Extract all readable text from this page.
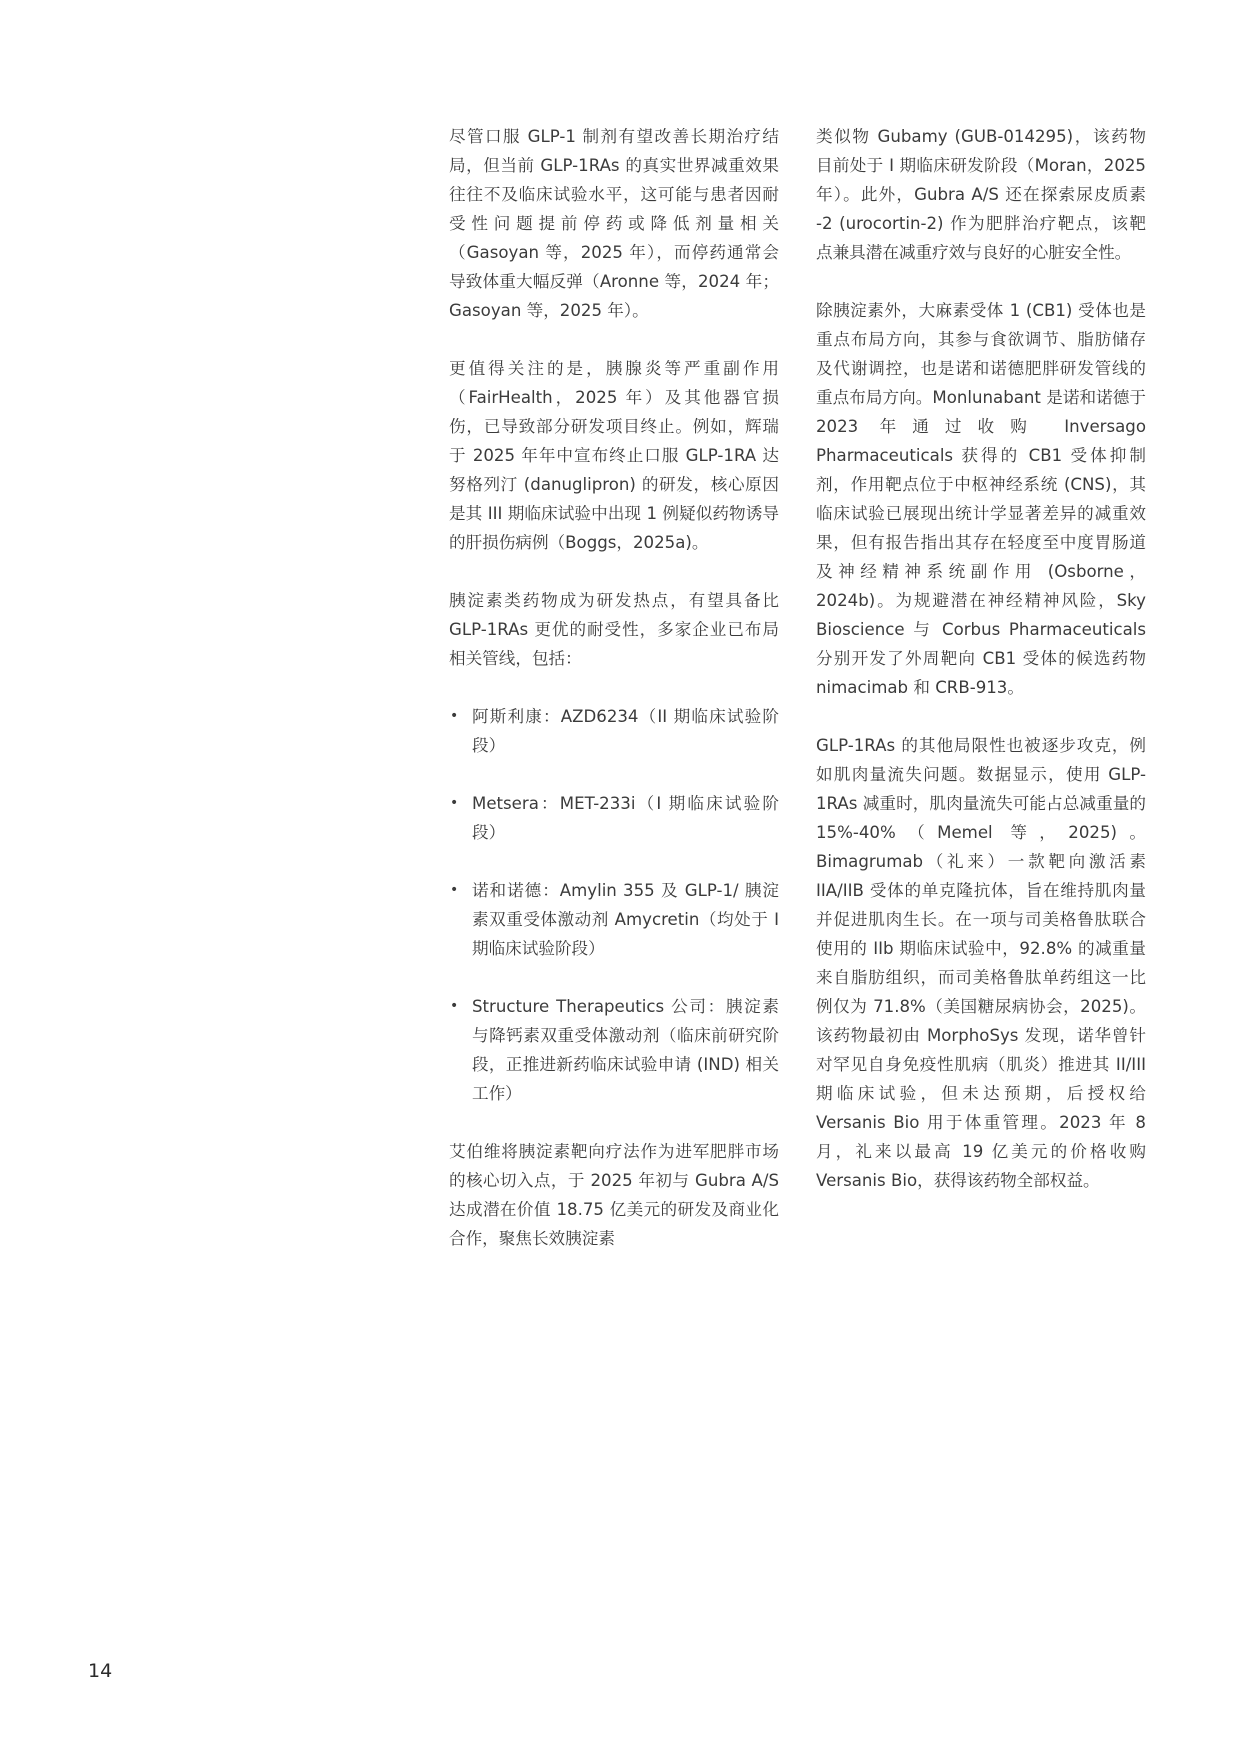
尽管口服 GLP-1 制剂有望改善长期治疗结局，但当前 GLP-1RAs 的真实世界减重效果往往不及临床试验水平，这可能与患者因耐受性问题提前停药或降低剂量相关（Gasoyan 等，2025 年），而停药通常会导致体重大幅反弹（Aronne 等，2024 年；Gasoyan 等，2025 年）。

更值得关注的是，胰腺炎等严重副作用（FairHealth，2025 年）及其他器官损伤，已导致部分研发项目终止。例如，辉瑞于 2025 年年中宣布终止口服 GLP-1RA 达努格列汀 (danuglipron) 的研发，核心原因是其 III 期临床试验中出现 1 例疑似药物诱导的肝损伤病例（Boggs，2025a)。

胰淀素类药物成为研发热点，有望具备比 GLP-1RAs 更优的耐受性，多家企业已布局相关管线，包括：

• 阿斯利康：AZD6234（II 期临床试验阶段）
• Metsera：MET-233i（I 期临床试验阶段）
• 诺和诺德：Amylin 355 及 GLP-1/ 胰淀素双重受体激动剂 Amycretin（均处于 I 期临床试验阶段）
• Structure Therapeutics 公司：胰淀素与降钙素双重受体激动剂（临床前研究阶段，正推进新药临床试验申请 (IND) 相关工作）

艾伯维将胰淀素靶向疗法作为进军肥胖市场的核心切入点，于 2025 年初与 Gubra A/S 达成潜在价值 18.75 亿美元的研发及商业化合作，聚焦长效胰淀素

类似物 Gubamy (GUB-014295)，该药物目前处于 I 期临床研发阶段（Moran，2025 年）。此外，Gubra A/S 还在探索尿皮质素 -2 (urocortin-2) 作为肥胖治疗靶点，该靶点兼具潜在减重疗效与良好的心脏安全性。

除胰淀素外，大麻素受体 1 (CB1) 受体也是重点布局方向，其参与食欲调节、脂肪储存及代谢调控，也是诺和诺德肥胖研发管线的重点布局方向。Monlunabant 是诺和诺德于 2023 年通过收购 Inversago Pharmaceuticals 获得的 CB1 受体抑制剂，作用靶点位于中枢神经系统 (CNS)，其临床试验已展现出统计学显著差异的减重效果，但有报告指出其存在轻度至中度胃肠道及神经精神系统副作用 (Osborne，2024b)。为规避潜在神经精神风险，Sky Bioscience 与 Corbus Pharmaceuticals 分别开发了外周靶向 CB1 受体的候选药物 nimacimab 和 CRB-913。

GLP-1RAs 的其他局限性也被逐步攻克，例如肌肉量流失问题。数据显示，使用 GLP-1RAs 减重时，肌肉量流失可能占总减重量的 15%-40%（Memel 等，2025)。Bimagrumab（礼来）一款靶向激活素 IIA/IIB 受体的单克隆抗体，旨在维持肌肉量并促进肌肉生长。在一项与司美格鲁肽联合使用的 IIb 期临床试验中，92.8% 的减重量来自脂肪组织，而司美格鲁肽单药组这一比例仅为 71.8%（美国糖尿病协会，2025)。该药物最初由 MorphoSys 发现，诺华曾针对罕见自身免疫性肌病（肌炎）推进其 II/III 期临床试验，但未达预期，后授权给 Versanis Bio 用于体重管理。2023 年 8 月，礼来以最高 19 亿美元的价格收购 Versanis Bio，获得该药物全部权益。

14
